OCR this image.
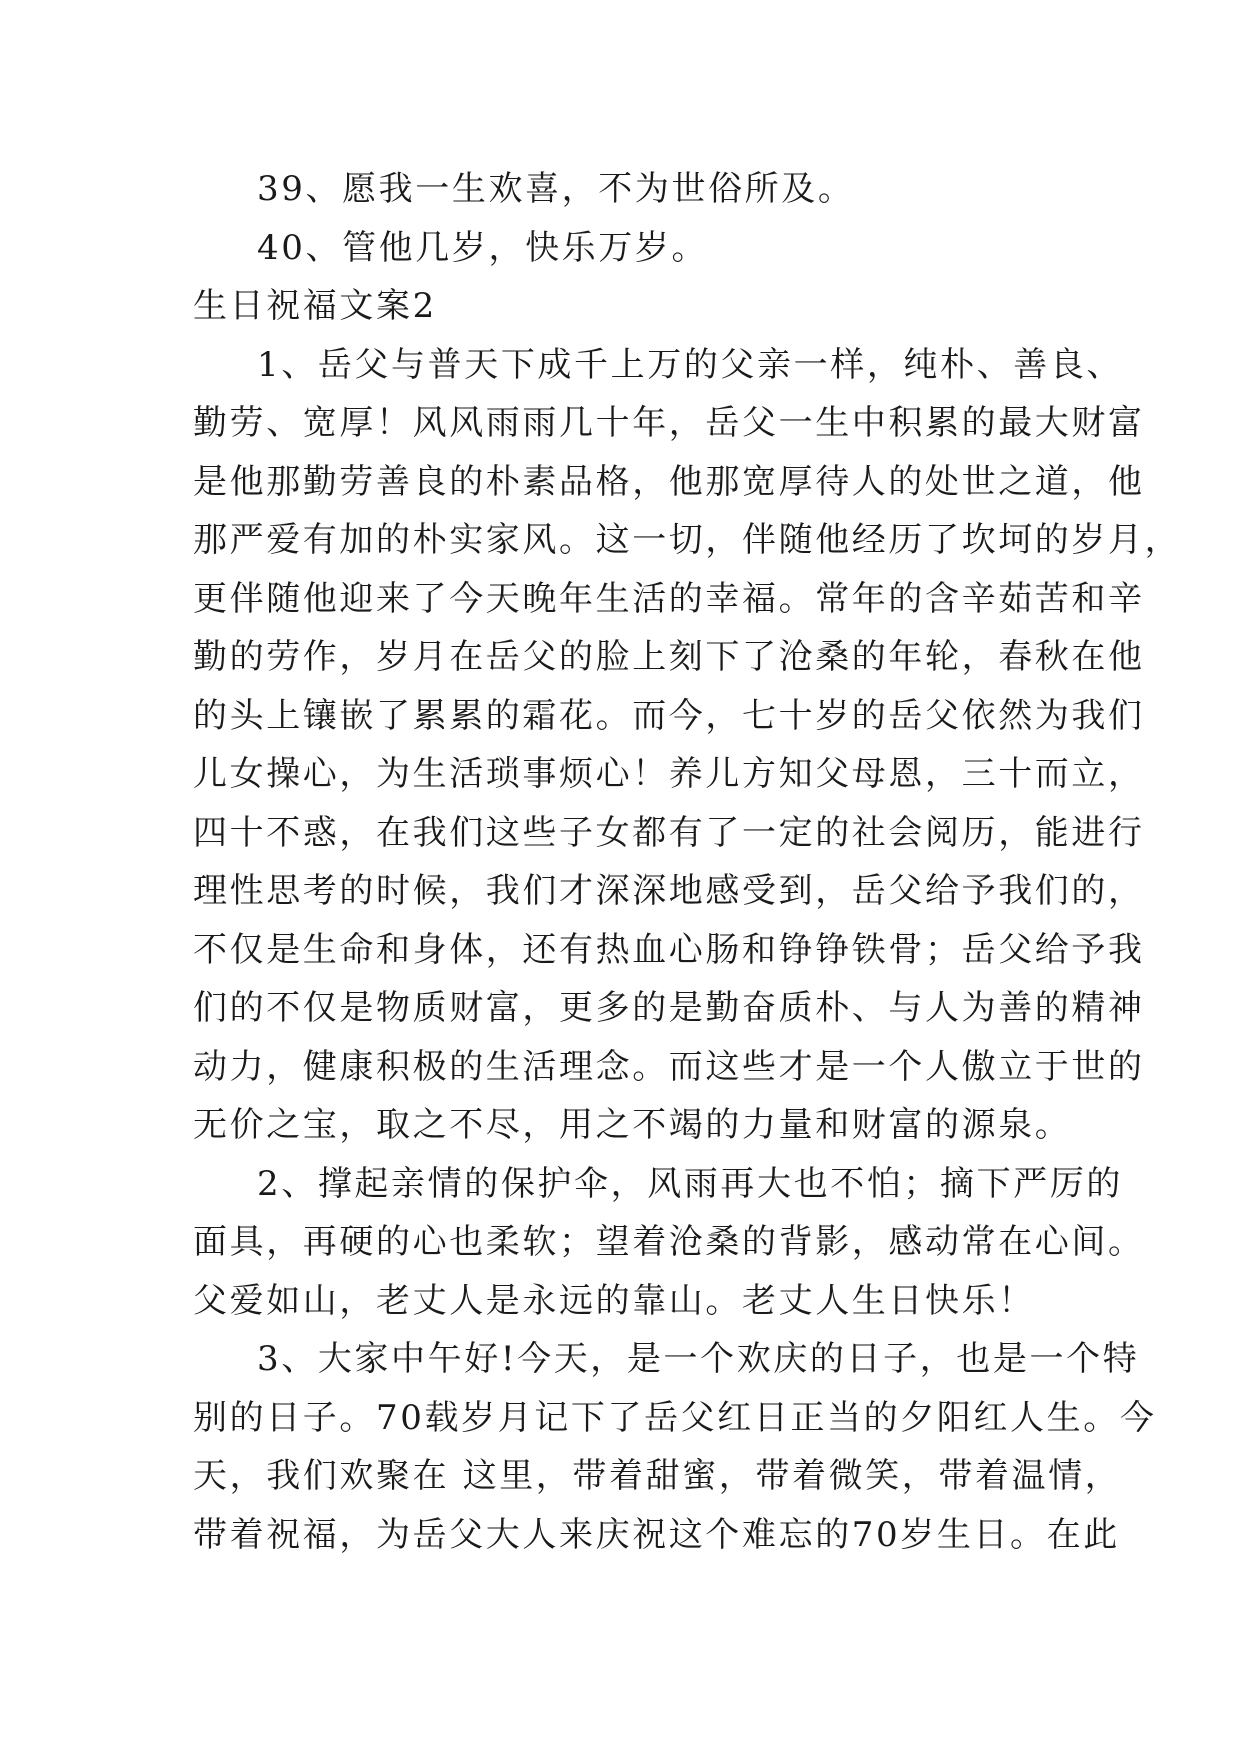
39、愿我一生欢喜，不为世俗所及。
40、管他几岁，快乐万岁。
生日祝福文案2
1、岳父与普天下成千上万的父亲一样，纯朴、善良、
勤劳、宽厚！风风雨雨几十年，岳父一生中积累的最大财富
是他那勤劳善良的朴素品格，他那宽厚待人的处世之道，他
那严爱有加的朴实家风。这一切，伴随他经历了坎坷的岁月，
更伴随他迎来了今天晚年生活的幸福。常年的含辛茹苦和辛
勤的劳作，岁月在岳父的脸上刻下了沧桑的年轮，春秋在他
的头上镶嵌了累累的霜花。而今，七十岁的岳父依然为我们
儿女操心，为生活琐事烦心！养儿方知父母恩，三十而立，
四十不惑，在我们这些子女都有了一定的社会阅历，能进行
理性思考的时候，我们才深深地感受到，岳父给予我们的，
不仅是生命和身体，还有热血心肠和铮铮铁骨；岳父给予我
们的不仅是物质财富，更多的是勤奋质朴、与人为善的精神
动力，健康积极的生活理念。而这些才是一个人傲立于世的
无价之宝，取之不尽，用之不竭的力量和财富的源泉。
2、撑起亲情的保护伞，风雨再大也不怕；摘下严厉的
面具，再硬的心也柔软；望着沧桑的背影，感动常在心间。
父爱如山，老丈人是永远的靠山。老丈人生日快乐！
3、大家中午好!今天，是一个欢庆的日子，也是一个特
别的日子。70载岁月记下了岳父红日正当的夕阳红人生。今
天，我们欢聚在 这里，带着甜蜜，带着微笑，带着温情，
带着祝福，为岳父大人来庆祝这个难忘的70岁生日。在此
